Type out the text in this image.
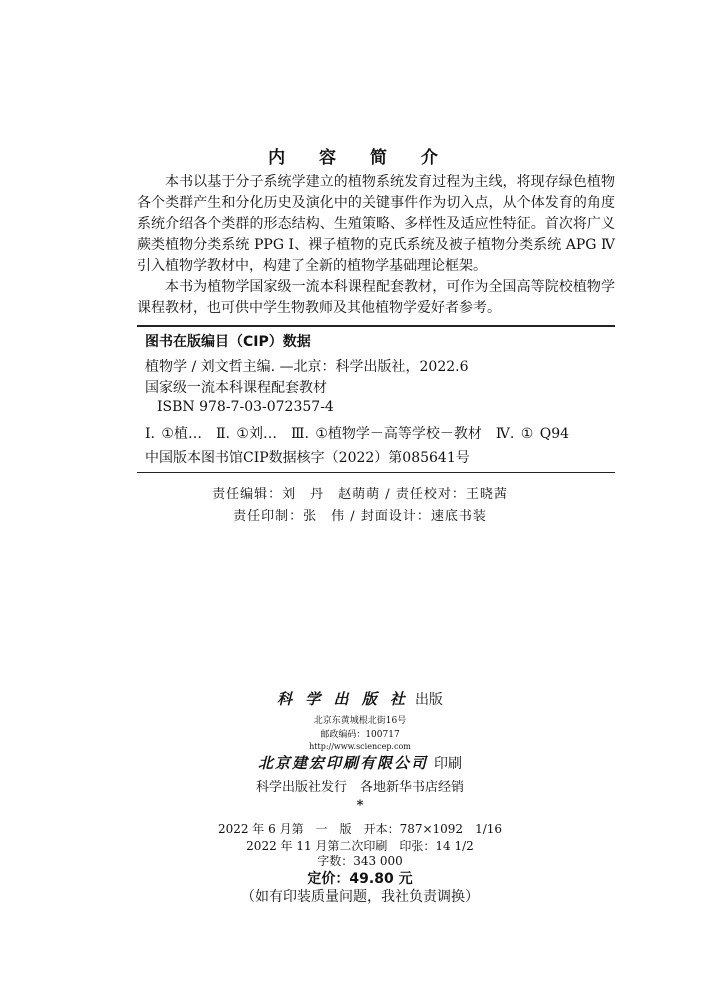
内 容 简 介

本书以基于分子系统学建立的植物系统发育过程为主线，将现存绿色植物各个类群产生和分化历史及演化中的关键事件作为切入点，从个体发育的角度系统介绍各个类群的形态结构、生殖策略、多样性及适应性特征。首次将广义蕨类植物分类系统 PPG Ⅰ、裸子植物的克氏系统及被子植物分类系统 APG Ⅳ引入植物学教材中，构建了全新的植物学基础理论框架。

本书为植物学国家级一流本科课程配套教材，可作为全国高等院校植物学课程教材，也可供中学生物教师及其他植物学爱好者参考。

图书在版编目（CIP）数据
植物学 / 刘文哲主编. —北京：科学出版社，2022.6
国家级一流本科课程配套教材
ISBN 978-7-03-072357-4
Ⅰ. ①植…　Ⅱ. ①刘…　Ⅲ. ①植物学－高等学校－教材　Ⅳ. ① Q94
中国版本图书馆CIP数据核字（2022）第085641号
责任编辑：刘　丹　赵萌萌 / 责任校对：王晓茜
责任印制：张　伟 / 封面设计：速底书装
科 学 出 版 社 出版
北京东黄城根北街16号
邮政编码：100717
http://www.sciencep.com
北京建宏印刷有限公司 印刷
科学出版社发行　各地新华书店经销
*
2022 年 6 月第　一　版　开本：787×1092　1/16
2022 年 11 月第二次印刷　印张：14 1/2
字数：343 000
定价：49.80 元
（如有印装质量问题，我社负责调换）
